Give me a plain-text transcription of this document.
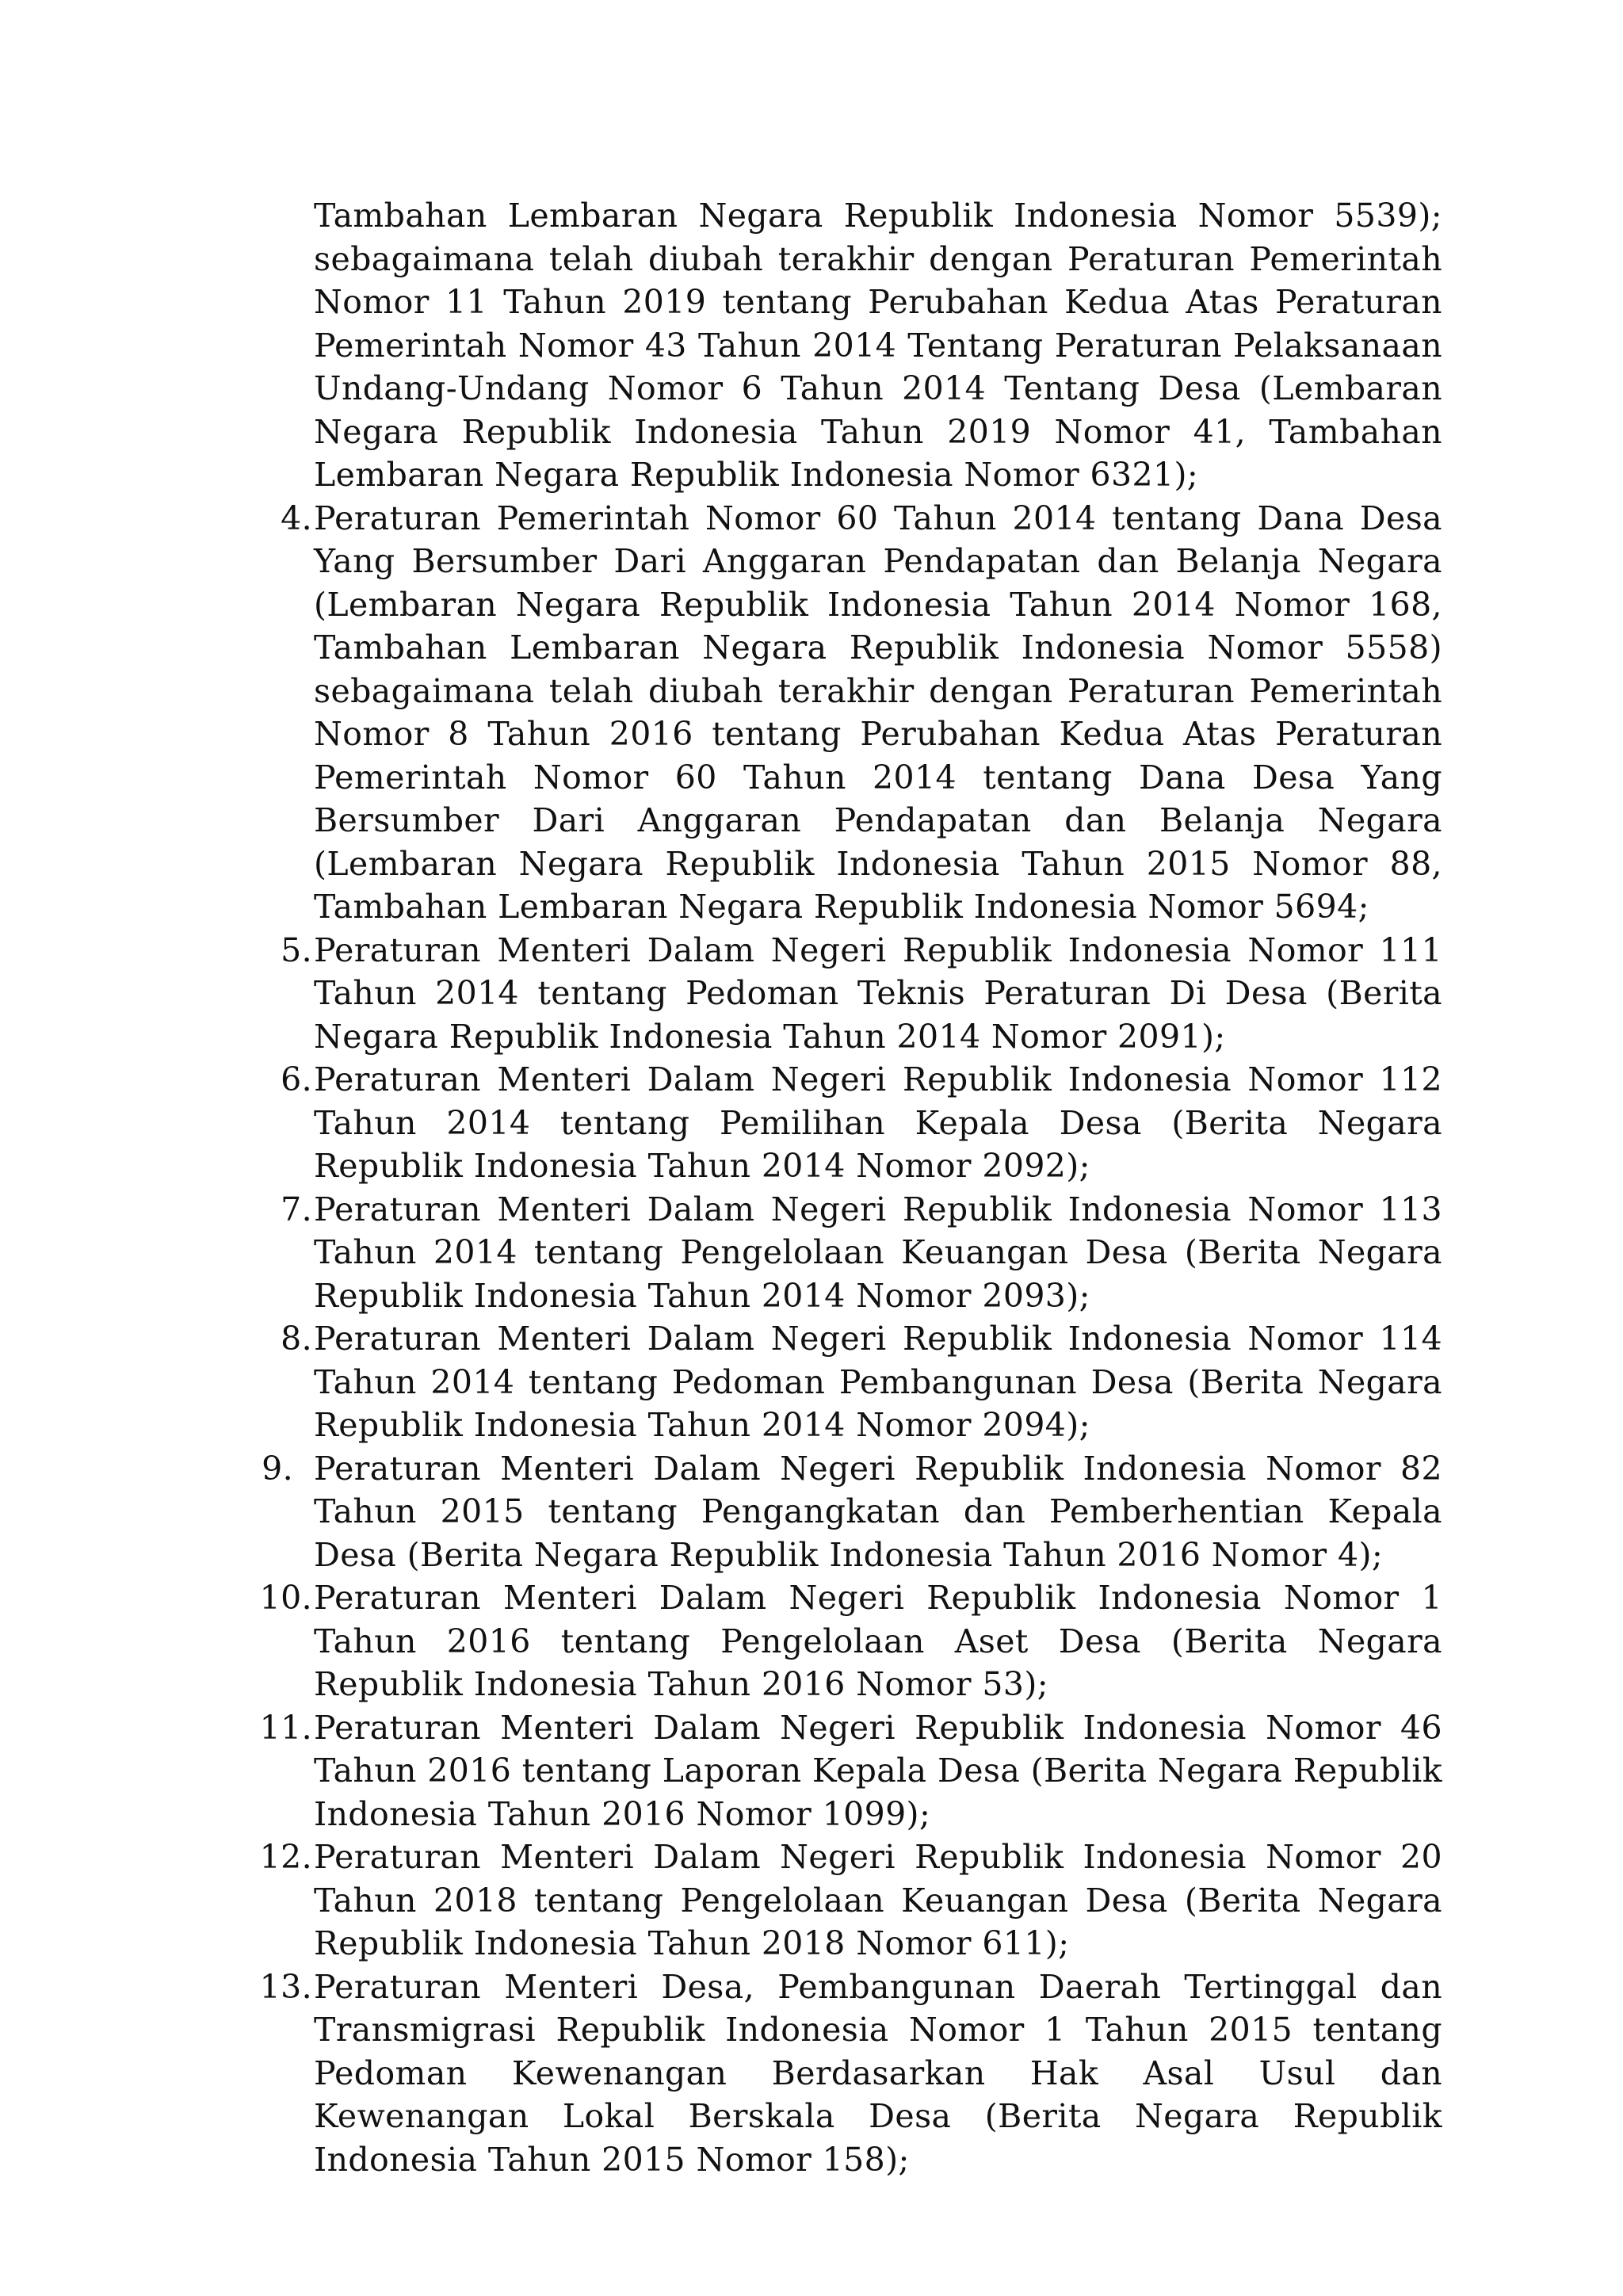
Tambahan Lembaran Negara Republik Indonesia Nomor 5539); sebagaimana telah diubah terakhir dengan Peraturan Pemerintah Nomor 11 Tahun 2019 tentang Perubahan Kedua Atas Peraturan Pemerintah Nomor 43 Tahun 2014 Tentang Peraturan Pelaksanaan Undang-Undang Nomor 6 Tahun 2014 Tentang Desa (Lembaran Negara Republik Indonesia Tahun 2019 Nomor 41, Tambahan Lembaran Negara Republik Indonesia Nomor 6321);
4. Peraturan Pemerintah Nomor 60 Tahun 2014 tentang Dana Desa Yang Bersumber Dari Anggaran Pendapatan dan Belanja Negara (Lembaran Negara Republik Indonesia Tahun 2014 Nomor 168, Tambahan Lembaran Negara Republik Indonesia Nomor 5558) sebagaimana telah diubah terakhir dengan Peraturan Pemerintah Nomor 8 Tahun 2016 tentang Perubahan Kedua Atas Peraturan Pemerintah Nomor 60 Tahun 2014 tentang Dana Desa Yang Bersumber Dari Anggaran Pendapatan dan Belanja Negara (Lembaran Negara Republik Indonesia Tahun 2015 Nomor 88, Tambahan Lembaran Negara Republik Indonesia Nomor 5694;
5. Peraturan Menteri Dalam Negeri Republik Indonesia Nomor 111 Tahun 2014 tentang Pedoman Teknis Peraturan Di Desa (Berita Negara Republik Indonesia Tahun 2014 Nomor 2091);
6. Peraturan Menteri Dalam Negeri Republik Indonesia Nomor 112 Tahun 2014 tentang Pemilihan Kepala Desa (Berita Negara Republik Indonesia Tahun 2014 Nomor 2092);
7. Peraturan Menteri Dalam Negeri Republik Indonesia Nomor 113 Tahun 2014 tentang Pengelolaan Keuangan Desa (Berita Negara Republik Indonesia Tahun 2014 Nomor 2093);
8. Peraturan Menteri Dalam Negeri Republik Indonesia Nomor 114 Tahun 2014 tentang Pedoman Pembangunan Desa (Berita Negara Republik Indonesia Tahun 2014 Nomor 2094);
9. Peraturan Menteri Dalam Negeri Republik Indonesia Nomor 82 Tahun 2015 tentang Pengangkatan dan Pemberhentian Kepala Desa (Berita Negara Republik Indonesia Tahun 2016 Nomor 4);
10. Peraturan Menteri Dalam Negeri Republik Indonesia Nomor 1 Tahun 2016 tentang Pengelolaan Aset Desa (Berita Negara Republik Indonesia Tahun 2016 Nomor 53);
11. Peraturan Menteri Dalam Negeri Republik Indonesia Nomor 46 Tahun 2016 tentang Laporan Kepala Desa (Berita Negara Republik Indonesia Tahun 2016 Nomor 1099);
12. Peraturan Menteri Dalam Negeri Republik Indonesia Nomor 20 Tahun 2018 tentang Pengelolaan Keuangan Desa (Berita Negara Republik Indonesia Tahun 2018 Nomor 611);
13. Peraturan Menteri Desa, Pembangunan Daerah Tertinggal dan Transmigrasi Republik Indonesia Nomor 1 Tahun 2015 tentang Pedoman Kewenangan Berdasarkan Hak Asal Usul dan Kewenangan Lokal Berskala Desa (Berita Negara Republik Indonesia Tahun 2015 Nomor 158);
